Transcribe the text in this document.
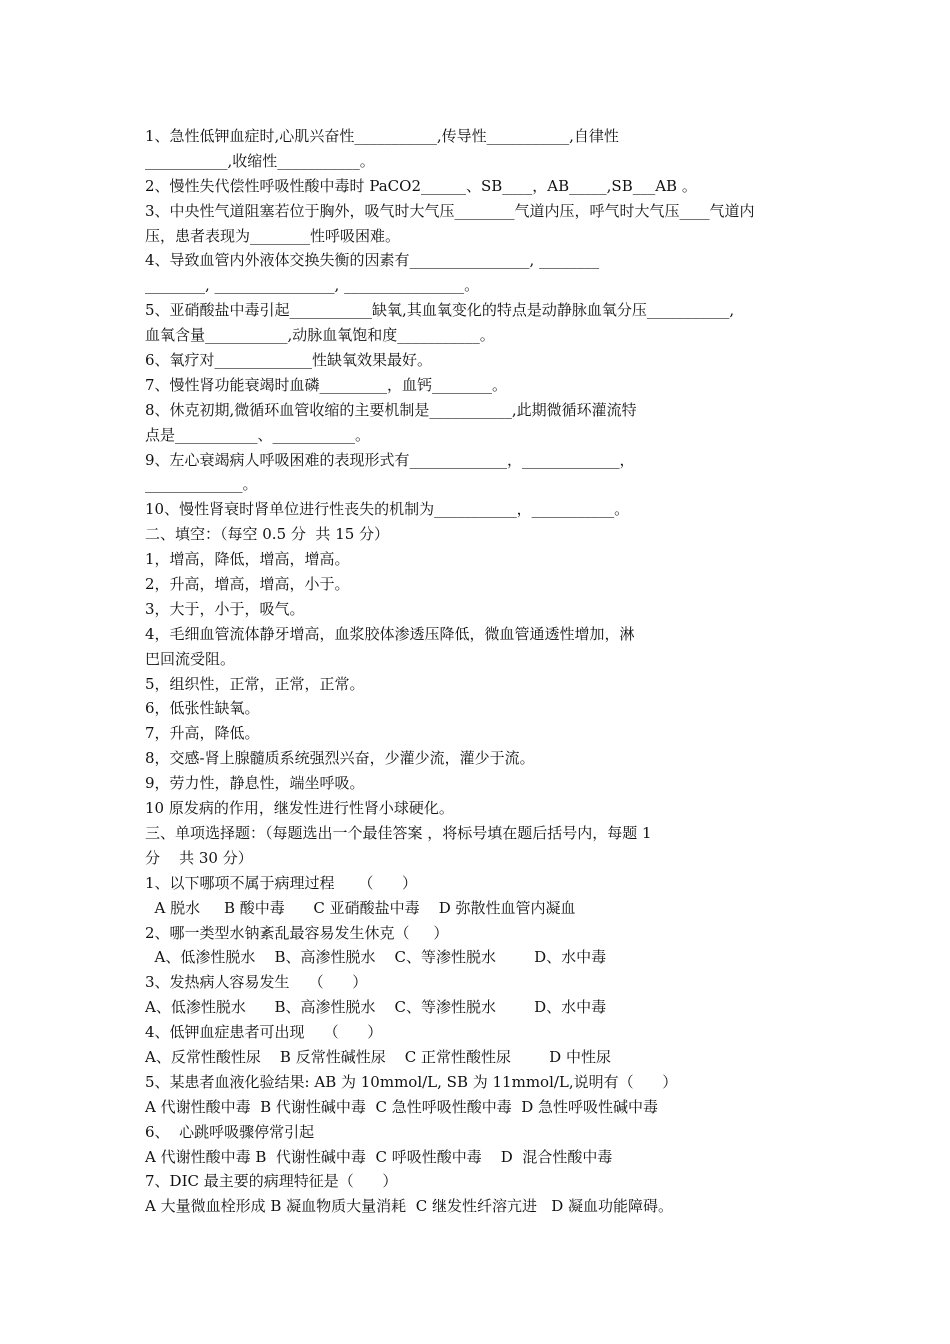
1、急性低钾血症时,心肌兴奋性___________,传导性___________,自律性
___________,收缩性___________。
2、慢性失代偿性呼吸性酸中毒时 PaCO2______、SB____，AB_____,SB___AB 。
3、中央性气道阻塞若位于胸外，吸气时大气压________气道内压，呼气时大气压____气道内
压，患者表现为________性呼吸困难。
4、导致血管内外液体交换失衡的因素有________________, ________
________, ________________, ________________。
5、亚硝酸盐中毒引起___________缺氧,其血氧变化的特点是动静脉血氧分压___________,
血氧含量___________,动脉血氧饱和度___________。
6、氧疗对_____________性缺氧效果最好。
7、慢性肾功能衰竭时血磷_________，血钙________。
8、休克初期,微循环血管收缩的主要机制是___________,此期微循环灌流特
点是___________、___________。
9、左心衰竭病人呼吸困难的表现形式有_____________，_____________，
_____________。
10、慢性肾衰时肾单位进行性丧失的机制为___________，___________。
二、填空：（每空 0.5 分  共 15 分）
1，增高，降低，增高，增高。
2，升高，增高，增高，小于。
3，大于，小于，吸气。
4，毛细血管流体静牙增高，血浆胶体渗透压降低，微血管通透性增加，淋
巴回流受阻。
5，组织性，正常，正常，正常。
6，低张性缺氧。
7，升高，降低。
8，交感-肾上腺髓质系统强烈兴奋，少灌少流，灌少于流。
9，劳力性，静息性，端坐呼吸。
10 原发病的作用，继发性进行性肾小球硬化。
三、单项选择题：（每题选出一个最佳答案 ，将标号填在题后括号内，每题 1
分    共 30 分）
1、以下哪项不属于病理过程     （      ）
A 脱水     B 酸中毒      C 亚硝酸盐中毒    D 弥散性血管内凝血
2、哪一类型水钠紊乱最容易发生休克（     ）
A、低渗性脱水    B、高渗性脱水    C、等渗性脱水        D、水中毒
3、发热病人容易发生    （      ）
A、低渗性脱水      B、高渗性脱水    C、等渗性脱水        D、水中毒
4、低钾血症患者可出现    （      ）
A、反常性酸性尿    B 反常性碱性尿    C 正常性酸性尿        D 中性尿
5、某患者血液化验结果: AB 为 10mmol/L, SB 为 11mmol/L,说明有（      ）
A 代谢性酸中毒  B 代谢性碱中毒  C 急性呼吸性酸中毒  D 急性呼吸性碱中毒
6、  心跳呼吸骤停常引起
A 代谢性酸中毒 B  代谢性碱中毒  C 呼吸性酸中毒    D  混合性酸中毒
7、DIC 最主要的病理特征是（      ）
A 大量微血栓形成 B 凝血物质大量消耗  C 继发性纤溶亢进   D 凝血功能障碍。
